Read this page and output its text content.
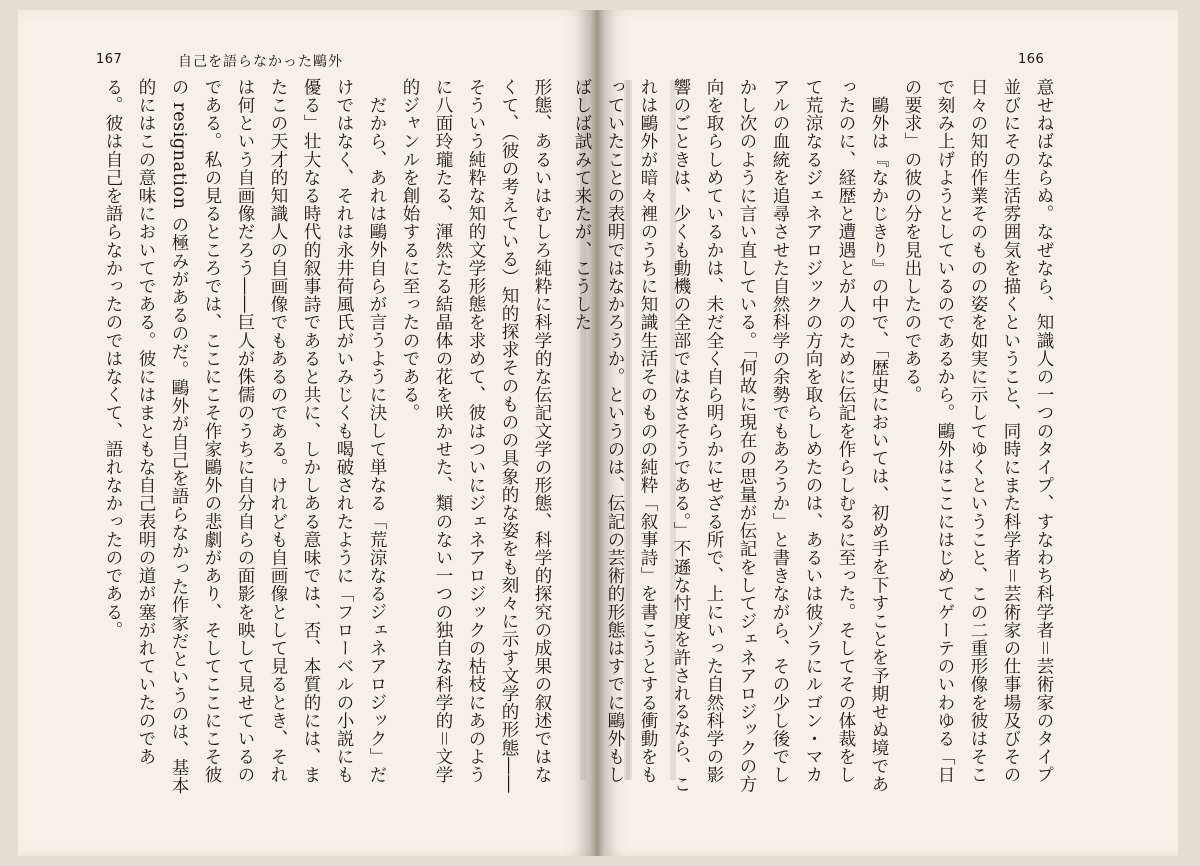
167	自己を語らなかった鷗外	166

意せねばならぬ。なぜなら、知識人の一つのタイプ、すなわち科学者＝芸術家のタイプ並びにその生活雰囲気を描くということ、同時にまた科学者＝芸術家の仕事場及びその日々の知的作業そのものの姿を如実に示してゆくということ、この二重形像を彼はそこで刻み上げようとしているのであるから。鷗外はここにはじめてゲーテのいわゆる「日の要求」の彼の分を見出したのである。

鷗外は『なかじきり』の中で、「歴史においては、初め手を下すことを予期せぬ境であったのに、経歴と遭遇とが人のために伝記を作らしむるに至った。そしてその体裁をして荒涼なるジェネアロジックの方向を取らしめたのは、あるいは彼ゾラにルゴン・マカアルの血統を追尋させた自然科学の余勢でもあろうか」と書きながら、その少し後でしかし次のように言い直している。「何故に現在の思量が伝記をしてジェネアロジックの方向を取らしめているかは、未だ全く自ら明らかにせざる所で、上にいった自然科学の影響のごときは、少くも動機の全部ではなさそうである。」不遜な忖度を許されるなら、これは鷗外が暗々裡のうちに知識生活そのものの純粋「叙事詩」を書こうとする衝動をもっていたことの表明ではなかろうか。というのは、伝記の芸術的形態はすでに鷗外もしばしば試みて来たが、こうした

形態、あるいはむしろ純粋に科学的な伝記文学の形態、科学的探究の成果の叙述ではなくて、（彼の考えている）知的探求そのものの具象的な姿をも刻々に示す文学的形態――そういう純粋な知的文学形態を求めて、彼はついにジェネアロジックの枯枝にあのように八面玲瓏たる、渾然たる結晶体の花を咲かせた、類のない一つの独自な科学的＝文学的ジャンルを創始するに至ったのである。

だから、あれは鷗外自らが言うように決して単なる「荒涼なるジェネアロジック」だけではなく、それは永井荷風氏がいみじくも喝破されたように「フローベルの小説にも優る」壮大なる時代的叙事詩であると共に、しかしある意味では、否、本質的には、またこの天才的知識人の自画像でもあるのである。けれども自画像として見るとき、それは何という自画像だろう――巨人が侏儒のうちに自分自らの面影を映して見せているのである。私の見るところでは、ここにこそ作家鷗外の悲劇があり、そしてここにこそ彼の resignation の極みがあるのだ。鷗外が自己を語らなかった作家だというのは、基本的にはこの意味においてである。彼にはまともな自己表明の道が塞がれていたのである。彼は自己を語らなかったのではなくて、語れなかったのである。
